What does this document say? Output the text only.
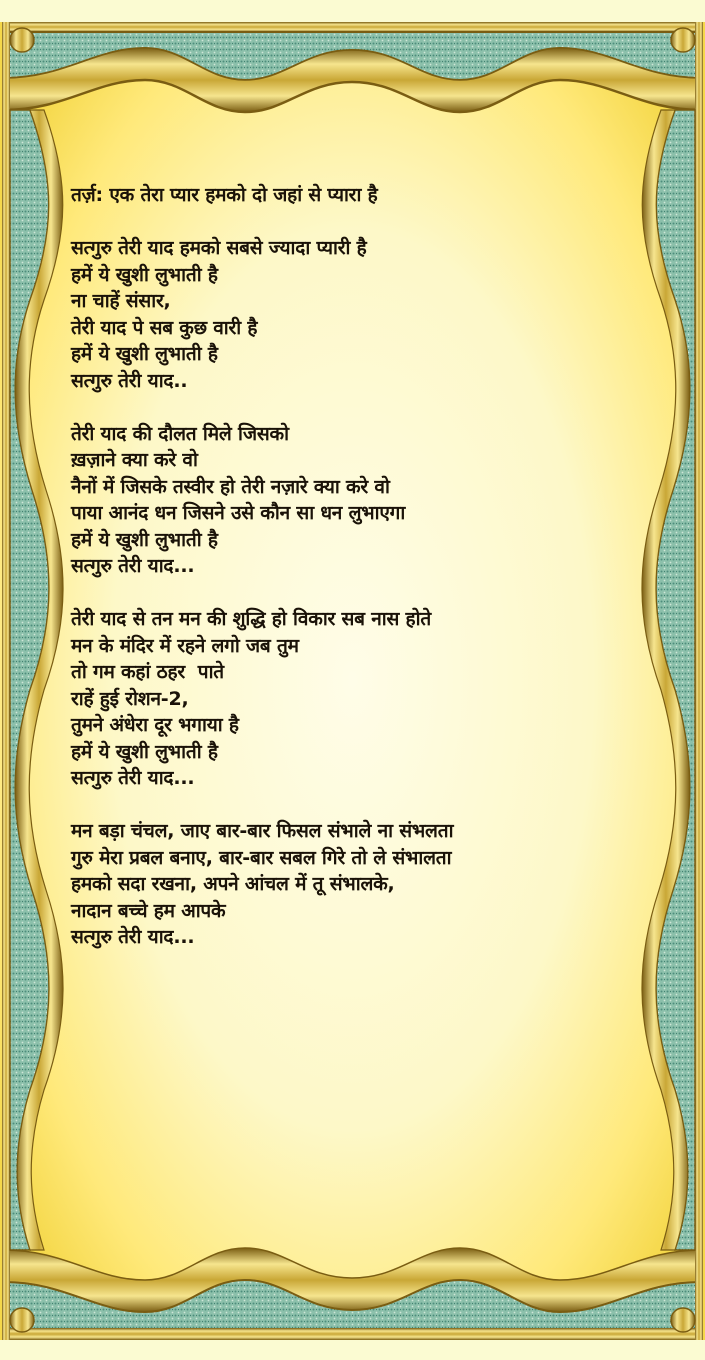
तर्ज़: एक तेरा प्यार हमको दो जहां से प्यारा है

सत्गुरु तेरी याद हमको सबसे ज्यादा प्यारी है
हमें ये खुशी लुभाती है
ना चाहें संसार,
तेरी याद पे सब कुछ वारी है
हमें ये खुशी लुभाती है
सत्गुरु तेरी याद..

तेरी याद की दौलत मिले जिसको
ख़ज़ाने क्या करे वो
नैनों में जिसके तस्वीर हो तेरी नज़ारे क्या करे वो
पाया आनंद धन जिसने उसे कौन सा धन लुभाएगा
हमें ये खुशी लुभाती है
सत्गुरु तेरी याद...

तेरी याद से तन मन की शुद्धि हो विकार सब नास होते
मन के मंदिर में रहने लगो जब तुम
तो गम कहां ठहर  पाते
राहें हुई रोशन-2,
तुमने अंधेरा दूर भगाया है
हमें ये खुशी लुभाती है
सत्गुरु तेरी याद...

मन बड़ा चंचल, जाए बार-बार फिसल संभाले ना संभलता
गुरु मेरा प्रबल बनाए, बार-बार सबल गिरे तो ले संभालता
हमको सदा रखना, अपने आंचल में तू संभालके,
नादान बच्चे हम आपके
सत्गुरु तेरी याद...
